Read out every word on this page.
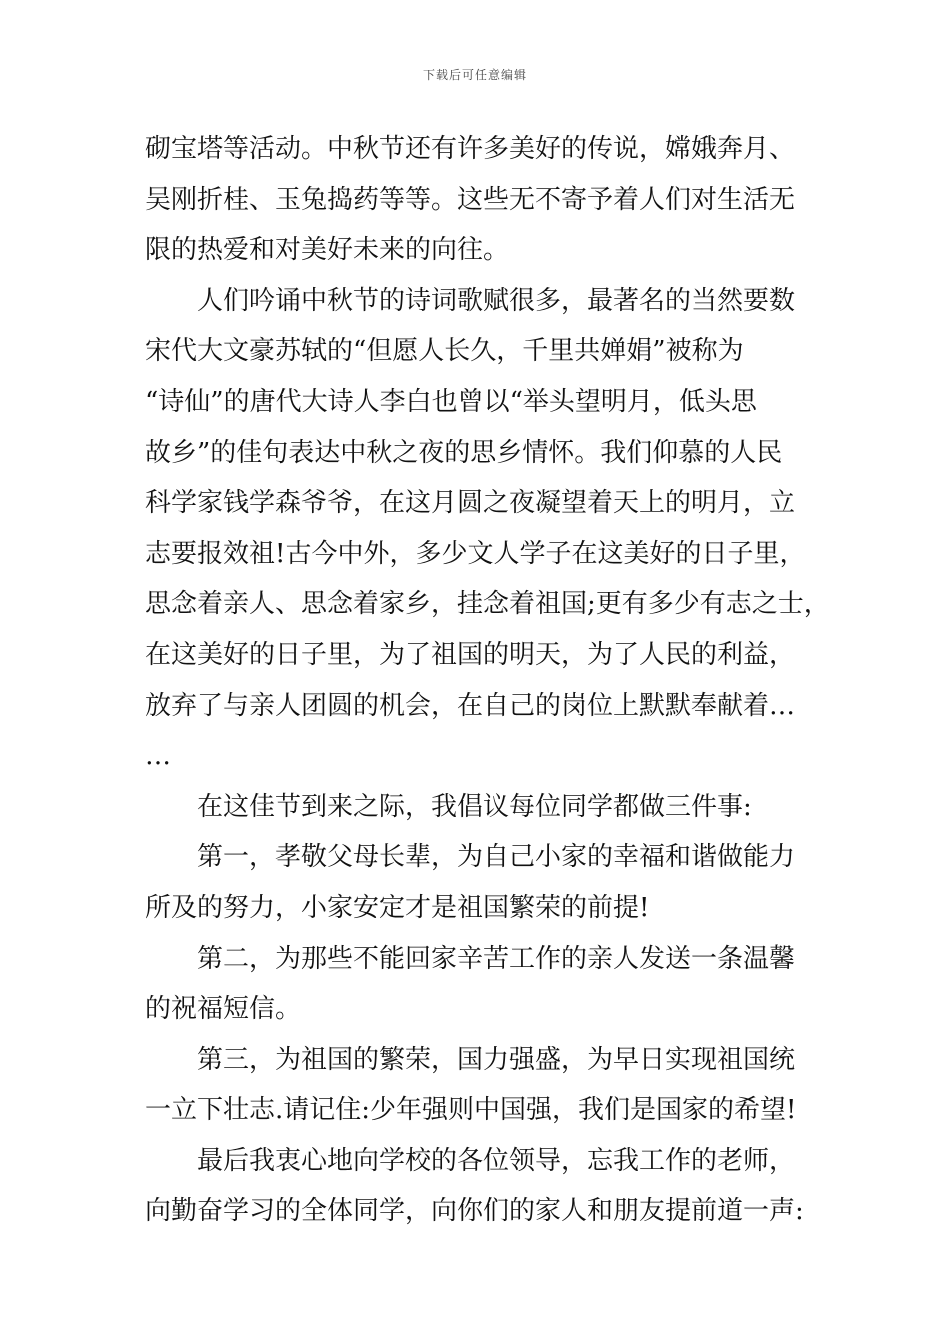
下载后可任意编辑
砌宝塔等活动。中秋节还有许多美好的传说，嫦娥奔月、
吴刚折桂、玉兔捣药等等。这些无不寄予着人们对生活无
限的热爱和对美好未来的向往。
人们吟诵中秋节的诗词歌赋很多，最著名的当然要数
宋代大文豪苏轼的“但愿人长久，千里共婵娟”被称为
“诗仙”的唐代大诗人李白也曾以“举头望明月，低头思
故乡”的佳句表达中秋之夜的思乡情怀。我们仰慕的人民
科学家钱学森爷爷，在这月圆之夜凝望着天上的明月，立
志要报效祖!古今中外，多少文人学子在这美好的日子里，
思念着亲人、思念着家乡，挂念着祖国;更有多少有志之士，
在这美好的日子里，为了祖国的明天，为了人民的利益，
放弃了与亲人团圆的机会，在自己的岗位上默默奉献着…
…
在这佳节到来之际，我倡议每位同学都做三件事:
第一，孝敬父母长辈，为自己小家的幸福和谐做能力
所及的努力，小家安定才是祖国繁荣的前提!
第二，为那些不能回家辛苦工作的亲人发送一条温馨
的祝福短信。
第三，为祖国的繁荣，国力强盛，为早日实现祖国统
一立下壮志.请记住:少年强则中国强，我们是国家的希望!
最后我衷心地向学校的各位领导，忘我工作的老师，
向勤奋学习的全体同学，向你们的家人和朋友提前道一声:
